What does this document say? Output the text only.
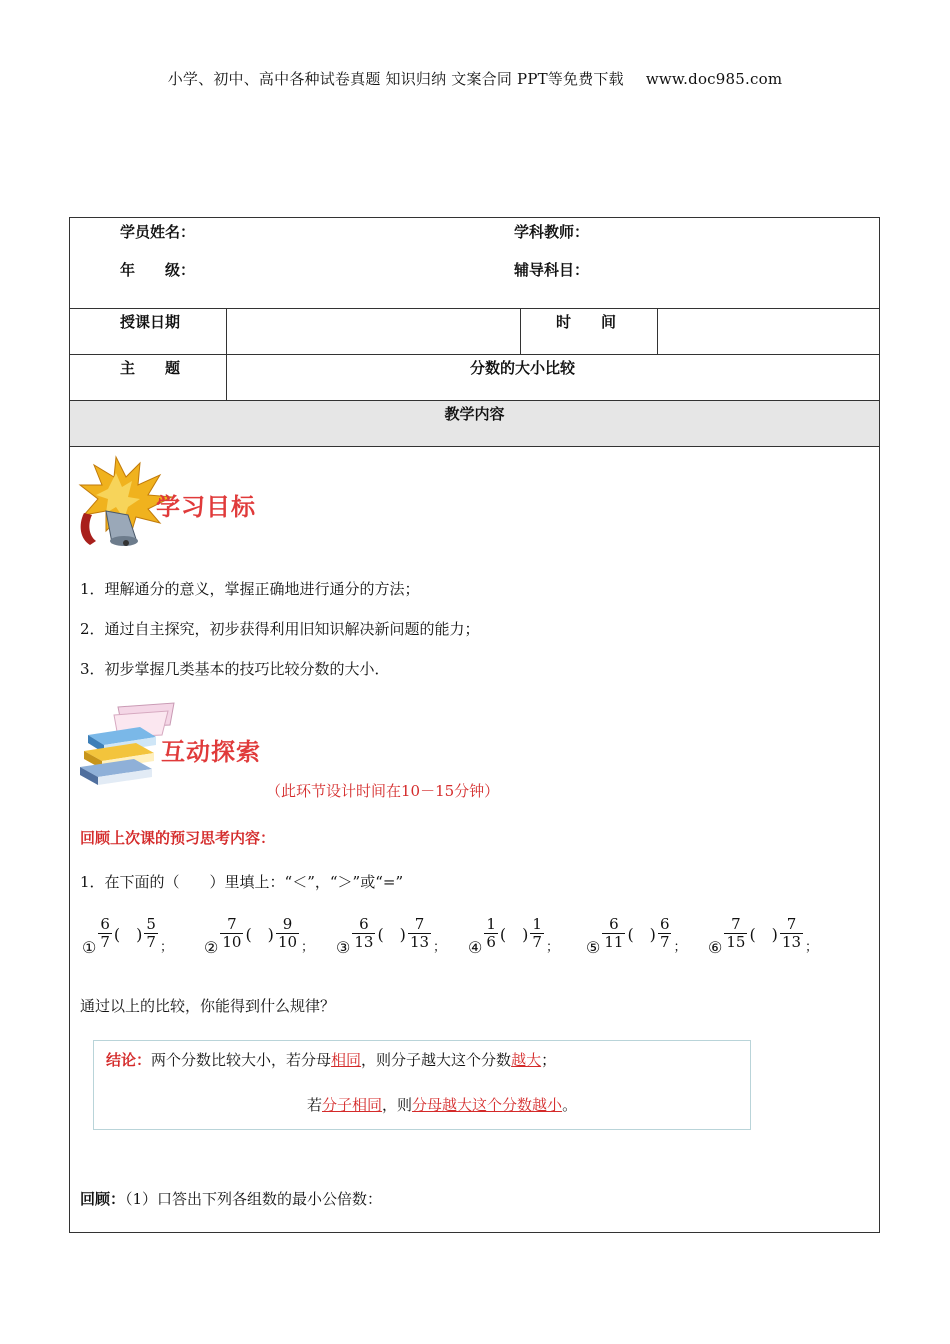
小学、初中、高中各种试卷真题 知识归纳 文案合同 PPT等免费下载 www.doc985.com
学员姓名：	学科教师：
年　　级：	辅导科目：
授课日期	时　　间
主　　题	分数的大小比较
教学内容
学习目标
1．理解通分的意义，掌握正确地进行通分的方法；
2．通过自主探究，初步获得利用旧知识解决新问题的能力；
3．初步掌握几类基本的技巧比较分数的大小．
互动探索
（此环节设计时间在10－15分钟）
回顾上次课的预习思考内容：
1．在下面的（　　）里填上：“＜”，“＞”或“=”
① $\frac{6}{7}$ (　) $\frac{5}{7} _;$ ② $\frac{7}{10}$ (　) $\frac{9}{10} _;$ ③ $\frac{6}{13}$ (　) $\frac{7}{13} _;$ ④ $\frac{1}{6}$ (　) $\frac{1}{7} _;$ ⑤ $\frac{6}{11}$ (　) $\frac{6}{7} _;$ ⑥ $\frac{7}{15}$ (　) $\frac{7}{13} _;$
通过以上的比较，你能得到什么规律？
结论：两个分数比较大小，若分母相同，则分子越大这个分数越大；
若分子相同，则分母越大这个分数越小。
回顾：（1）口答出下列各组数的最小公倍数：
